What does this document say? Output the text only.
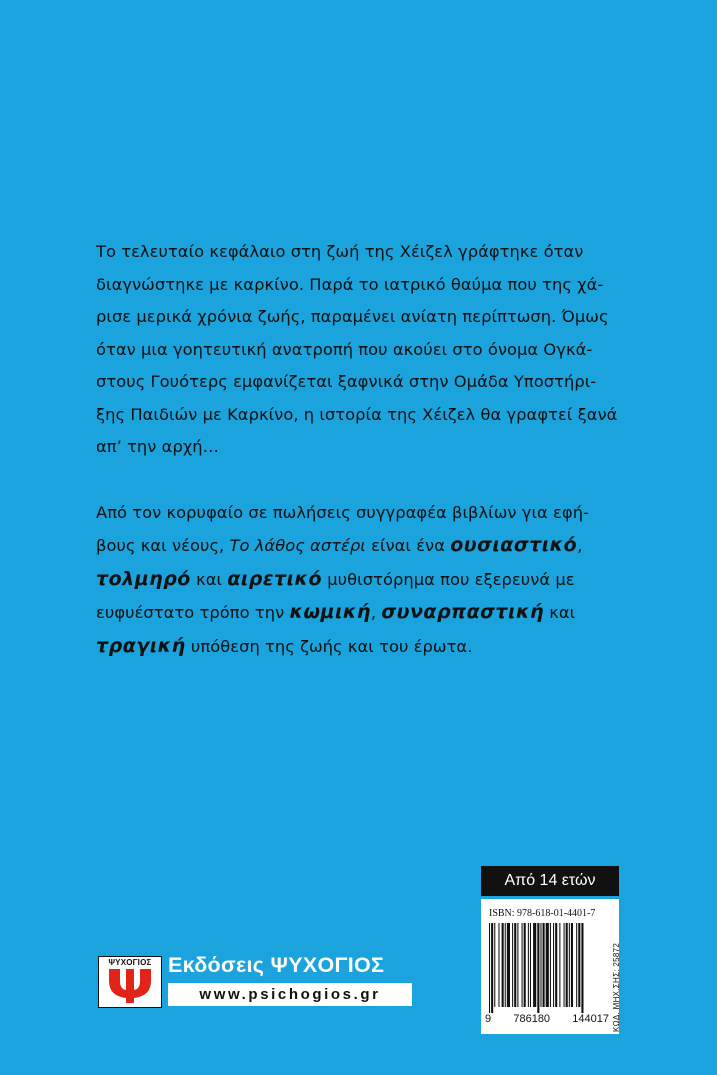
Το τελευταίο κεφάλαιο στη ζωή της Χέιζελ γράφτηκε όταν
διαγνώστηκε με καρκίνο. Παρά το ιατρικό θαύμα που της χά-
ρισε μερικά χρόνια ζωής, παραμένει ανίατη περίπτωση. Όμως
όταν μια γοητευτική ανατροπή που ακούει στο όνομα Ογκά-
στους Γουότερς εμφανίζεται ξαφνικά στην Ομάδα Υποστήρι-
ξης Παιδιών με Καρκίνο, η ιστορία της Χέιζελ θα γραφτεί ξανά
απ’ την αρχή…

Από τον κορυφαίο σε πωλήσεις συγγραφέα βιβλίων για εφή-
βους και νέους, Το λάθος αστέρι είναι ένα ουσιαστικό,
τολμηρό και αιρετικό μυθιστόρημα που εξερευνά με
ευφυέστατο τρόπο την κωμική, συναρπαστική και
τραγική υπόθεση της ζωής και του έρωτα.

Από 14 ετών
ISBN: 978-618-01-4401-7
9 786180 144017 ΚΩΔ. ΜΗΧ.ΣΗΣ: 25872
ΨΥΧΟΓΙΟΣ Εκδόσεις ΨΥΧΟΓΙΟΣ
www.psichogios.gr
